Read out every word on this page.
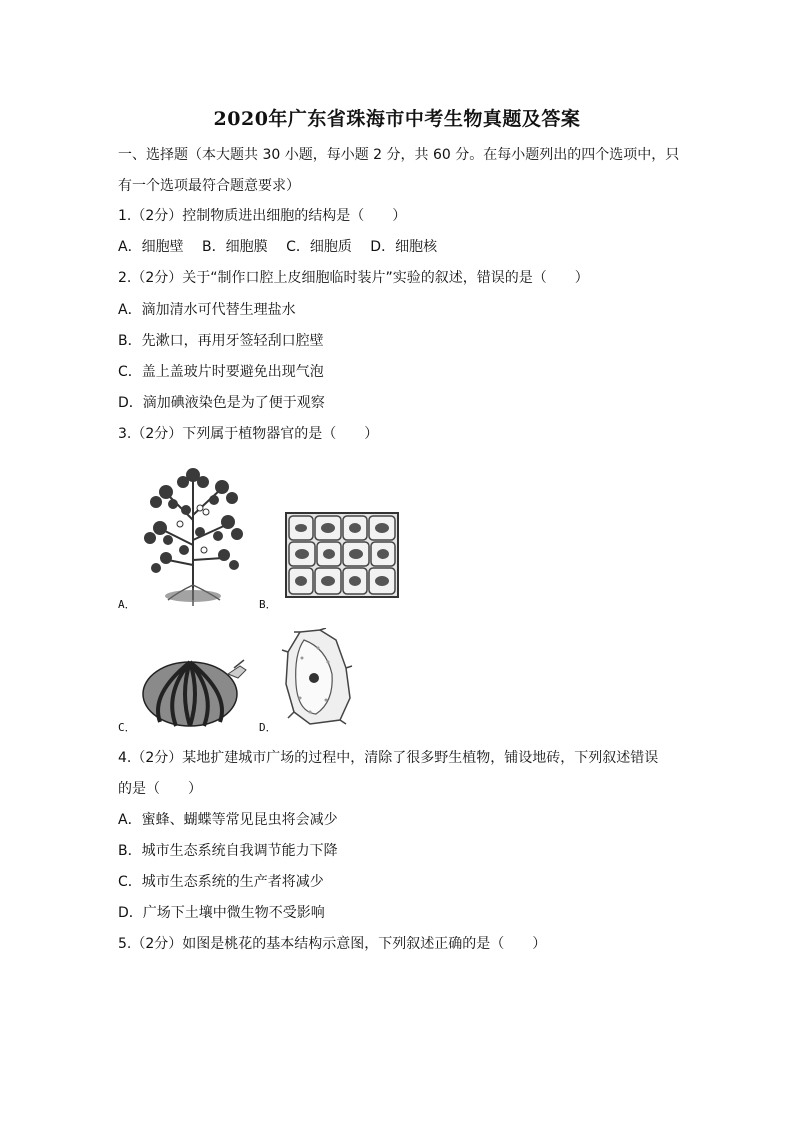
2020年广东省珠海市中考生物真题及答案
一、选择题（本大题共 30 小题，每小题 2 分，共 60 分。在每小题列出的四个选项中，只
有一个选项最符合题意要求）
1.（2分）控制物质进出细胞的结构是（　　）
A．细胞壁　 B．细胞膜　 C．细胞质　 D．细胞核
2.（2分）关于“制作口腔上皮细胞临时装片”实验的叙述，错误的是（　　）
A．滴加清水可代替生理盐水
B．先漱口，再用牙签轻刮口腔壁
C．盖上盖玻片时要避免出现气泡
D．滴加碘液染色是为了便于观察
3.（2分）下列属于植物器官的是（　　）
A．	B．
C．	D．
4.（2分）某地扩建城市广场的过程中，清除了很多野生植物，铺设地砖，下列叙述错误
的是（　　）
A．蜜蜂、蝴蝶等常见昆虫将会减少
B．城市生态系统自我调节能力下降
C．城市生态系统的生产者将减少
D．广场下土壤中微生物不受影响
5.（2分）如图是桃花的基本结构示意图，下列叙述正确的是（　　）
